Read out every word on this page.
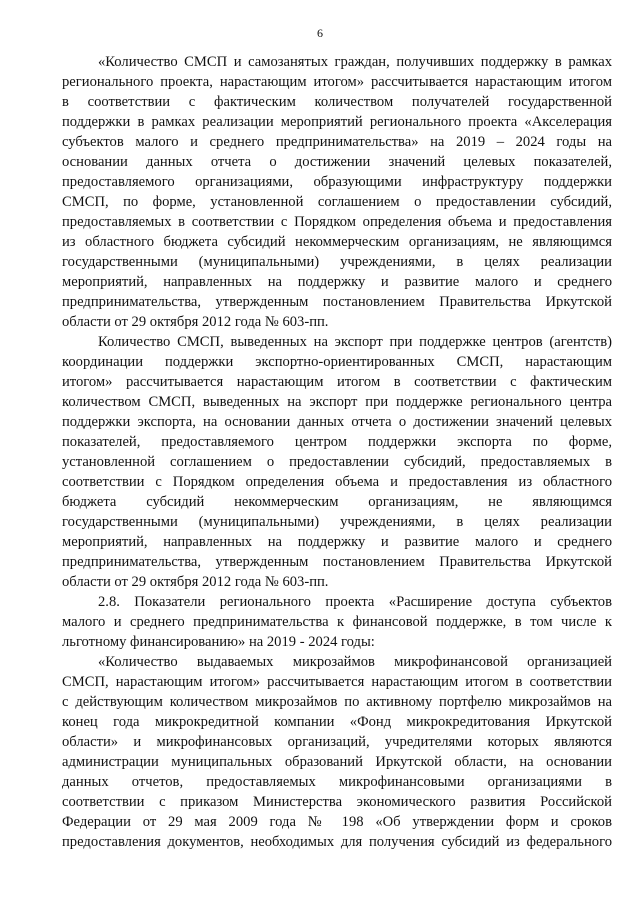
6
«Количество СМСП и самозанятых граждан, получивших поддержку в рамках
регионального проекта, нарастающим итогом» рассчитывается нарастающим итогом
в соответствии с фактическим количеством получателей государственной
поддержки в рамках реализации мероприятий регионального проекта «Акселерация
субъектов малого и среднего предпринимательства» на 2019 – 2024 годы на
основании данных отчета о достижении значений целевых показателей,
предоставляемого организациями, образующими инфраструктуру поддержки
СМСП, по форме, установленной соглашением о предоставлении субсидий,
предоставляемых в соответствии с Порядком определения объема и предоставления
из областного бюджета субсидий некоммерческим организациям, не являющимся
государственными (муниципальными) учреждениями, в целях реализации
мероприятий, направленных на поддержку и развитие малого и среднего
предпринимательства, утвержденным постановлением Правительства Иркутской
области от 29 октября 2012 года № 603-пп.
Количество СМСП, выведенных на экспорт при поддержке центров (агентств)
координации поддержки экспортно-ориентированных СМСП, нарастающим
итогом» рассчитывается нарастающим итогом в соответствии с фактическим
количеством СМСП, выведенных на экспорт при поддержке регионального центра
поддержки экспорта, на основании данных отчета о достижении значений целевых
показателей, предоставляемого центром поддержки экспорта по форме,
установленной соглашением о предоставлении субсидий, предоставляемых в
соответствии с Порядком определения объема и предоставления из областного
бюджета субсидий некоммерческим организациям, не являющимся
государственными (муниципальными) учреждениями, в целях реализации
мероприятий, направленных на поддержку и развитие малого и среднего
предпринимательства, утвержденным постановлением Правительства Иркутской
области от 29 октября 2012 года № 603-пп.
2.8. Показатели регионального проекта «Расширение доступа субъектов
малого и среднего предпринимательства к финансовой поддержке, в том числе к
льготному финансированию» на 2019 - 2024 годы:
«Количество выдаваемых микрозаймов микрофинансовой организацией
СМСП, нарастающим итогом» рассчитывается нарастающим итогом в соответствии
с действующим количеством микрозаймов по активному портфелю микрозаймов на
конец года микрокредитной компании «Фонд микрокредитования Иркутской
области» и микрофинансовых организаций, учредителями которых являются
администрации муниципальных образований Иркутской области, на основании
данных отчетов, предоставляемых микрофинансовыми организациями в
соответствии с приказом Министерства экономического развития Российской
Федерации от 29 мая 2009 года № 198 «Об утверждении форм и сроков
предоставления документов, необходимых для получения субсидий из федерального
